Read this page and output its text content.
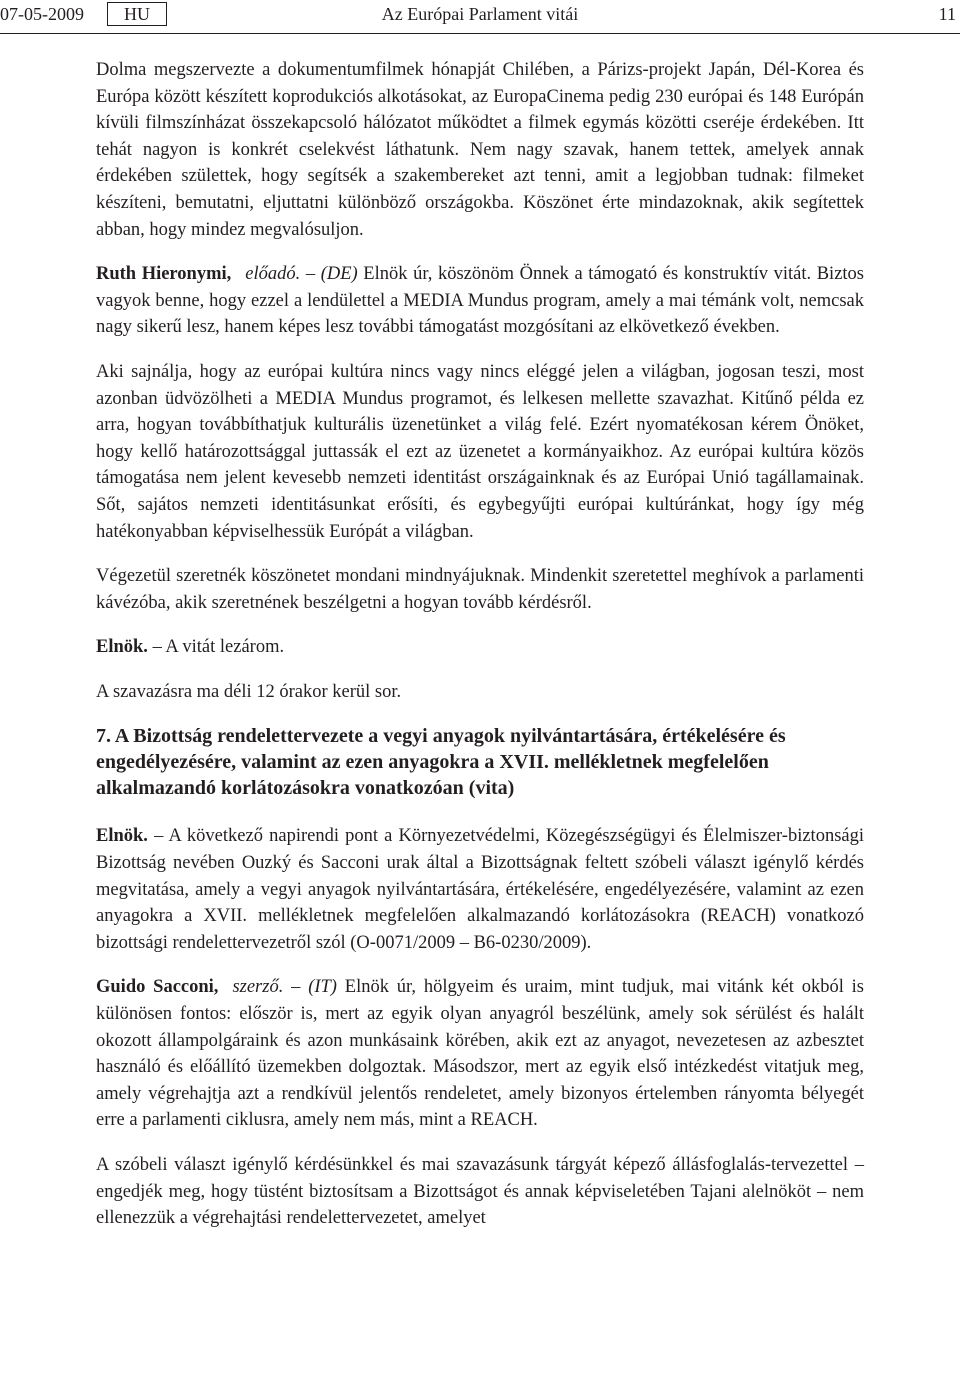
07-05-2009	HU	Az Európai Parlament vitái	11

Dolma megszervezte a dokumentumfilmek hónapját Chilében, a Párizs-projekt Japán, Dél-Korea és Európa között készített koprodukciós alkotásokat, az EuropaCinema pedig 230 európai és 148 Európán kívüli filmszínházat összekapcsoló hálózatot működtet a filmek egymás közötti cseréje érdekében. Itt tehát nagyon is konkrét cselekvést láthatunk. Nem nagy szavak, hanem tettek, amelyek annak érdekében születtek, hogy segítsék a szakembereket azt tenni, amit a legjobban tudnak: filmeket készíteni, bemutatni, eljuttatni különböző országokba. Köszönet érte mindazoknak, akik segítettek abban, hogy mindez megvalósuljon.

Ruth Hieronymi, előadó. – (DE) Elnök úr, köszönöm Önnek a támogató és konstruktív vitát. Biztos vagyok benne, hogy ezzel a lendülettel a MEDIA Mundus program, amely a mai témánk volt, nemcsak nagy sikerű lesz, hanem képes lesz további támogatást mozgósítani az elkövetkező években.

Aki sajnálja, hogy az európai kultúra nincs vagy nincs eléggé jelen a világban, jogosan teszi, most azonban üdvözölheti a MEDIA Mundus programot, és lelkesen mellette szavazhat. Kitűnő példa ez arra, hogyan továbbíthatjuk kulturális üzenetünket a világ felé. Ezért nyomatékosan kérem Önöket, hogy kellő határozottsággal juttassák el ezt az üzenetet a kormányaikhoz. Az európai kultúra közös támogatása nem jelent kevesebb nemzeti identitást országainknak és az Európai Unió tagállamainak. Sőt, sajátos nemzeti identitásunkat erősíti, és egybegyűjti európai kultúránkat, hogy így még hatékonyabban képviselhessük Európát a világban.

Végezetül szeretnék köszönetet mondani mindnyájuknak. Mindenkit szeretettel meghívok a parlamenti kávézóba, akik szeretnének beszélgetni a hogyan tovább kérdésről.

Elnök. – A vitát lezárom.

A szavazásra ma déli 12 órakor kerül sor.

7. A Bizottság rendelettervezete a vegyi anyagok nyilvántartására, értékelésére és engedélyezésére, valamint az ezen anyagokra a XVII. mellékletnek megfelelően alkalmazandó korlátozásokra vonatkozóan (vita)

Elnök. – A következő napirendi pont a Környezetvédelmi, Közegészségügyi és Élelmiszer-biztonsági Bizottság nevében Ouzký és Sacconi urak által a Bizottságnak feltett szóbeli választ igénylő kérdés megvitatása, amely a vegyi anyagok nyilvántartására, értékelésére, engedélyezésére, valamint az ezen anyagokra a XVII. mellékletnek megfelelően alkalmazandó korlátozásokra (REACH) vonatkozó bizottsági rendelettervezetről szól (O-0071/2009 – B6-0230/2009).

Guido Sacconi, szerző. – (IT) Elnök úr, hölgyeim és uraim, mint tudjuk, mai vitánk két okból is különösen fontos: először is, mert az egyik olyan anyagról beszélünk, amely sok sérülést és halált okozott állampolgáraink és azon munkásaink körében, akik ezt az anyagot, nevezetesen az azbesztet használó és előállító üzemekben dolgoztak. Másodszor, mert az egyik első intézkedést vitatjuk meg, amely végrehajtja azt a rendkívül jelentős rendeletet, amely bizonyos értelemben rányomta bélyegét erre a parlamenti ciklusra, amely nem más, mint a REACH.

A szóbeli választ igénylő kérdésünkkel és mai szavazásunk tárgyát képező állásfoglalás-tervezettel – engedjék meg, hogy tüstént biztosítsam a Bizottságot és annak képviseletében Tajani alelnököt – nem ellenezzük a végrehajtási rendelettervezetet, amelyet
